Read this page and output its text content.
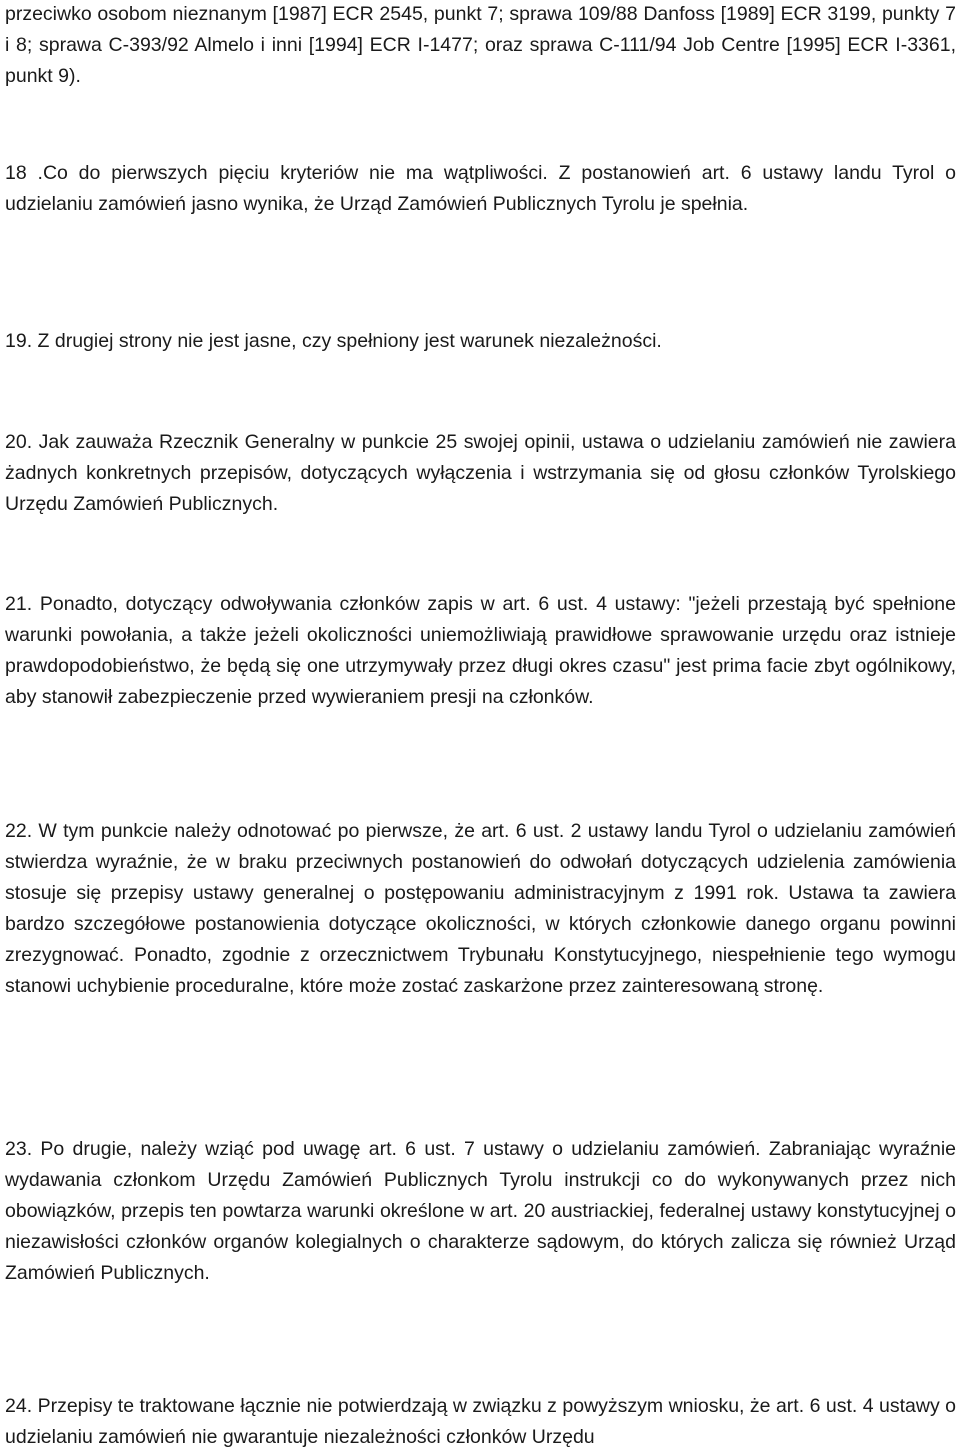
przeciwko osobom nieznanym [1987] ECR 2545, punkt 7; sprawa 109/88 Danfoss [1989] ECR 3199, punkty 7 i 8; sprawa C-393/92 Almelo i inni [1994] ECR I-1477; oraz sprawa C-111/94 Job Centre [1995] ECR I-3361, punkt 9).

18 .Co do pierwszych pięciu kryteriów nie ma wątpliwości. Z postanowień art. 6 ustawy landu Tyrol o udzielaniu zamówień jasno wynika, że Urząd Zamówień Publicznych Tyrolu je spełnia.

19. Z drugiej strony nie jest jasne, czy spełniony jest warunek niezależności.

20. Jak zauważa Rzecznik Generalny w punkcie 25 swojej opinii, ustawa o udzielaniu zamówień nie zawiera żadnych konkretnych przepisów, dotyczących wyłączenia i wstrzymania się od głosu członków Tyrolskiego Urzędu Zamówień Publicznych.

21. Ponadto, dotyczący odwoływania członków zapis w art. 6 ust. 4 ustawy: "jeżeli przestają być spełnione warunki powołania, a także jeżeli okoliczności uniemożliwiają prawidłowe sprawowanie urzędu oraz istnieje prawdopodobieństwo, że będą się one utrzymywały przez długi okres czasu" jest prima facie zbyt ogólnikowy, aby stanowił zabezpieczenie przed wywieraniem presji na członków.

22. W tym punkcie należy odnotować po pierwsze, że art. 6 ust. 2 ustawy landu Tyrol o udzielaniu zamówień stwierdza wyraźnie, że w braku przeciwnych postanowień do odwołań dotyczących udzielenia zamówienia stosuje się przepisy ustawy generalnej o postępowaniu administracyjnym z 1991 rok. Ustawa ta zawiera bardzo szczegółowe postanowienia dotyczące okoliczności, w których członkowie danego organu powinni zrezygnować. Ponadto, zgodnie z orzecznictwem Trybunału Konstytucyjnego, niespełnienie tego wymogu stanowi uchybienie proceduralne, które może zostać zaskarżone przez zainteresowaną stronę.

23. Po drugie, należy wziąć pod uwagę art. 6 ust. 7 ustawy o udzielaniu zamówień. Zabraniając wyraźnie wydawania członkom Urzędu Zamówień Publicznych Tyrolu instrukcji co do wykonywanych przez nich obowiązków, przepis ten powtarza warunki określone w art. 20 austriackiej, federalnej ustawy konstytucyjnej o niezawisłości członków organów kolegialnych o charakterze sądowym, do których zalicza się również Urząd Zamówień Publicznych.

24. Przepisy te traktowane łącznie nie potwierdzają w związku z powyższym wniosku, że art. 6 ust. 4 ustawy o udzielaniu zamówień nie gwarantuje niezależności członków Urzędu
